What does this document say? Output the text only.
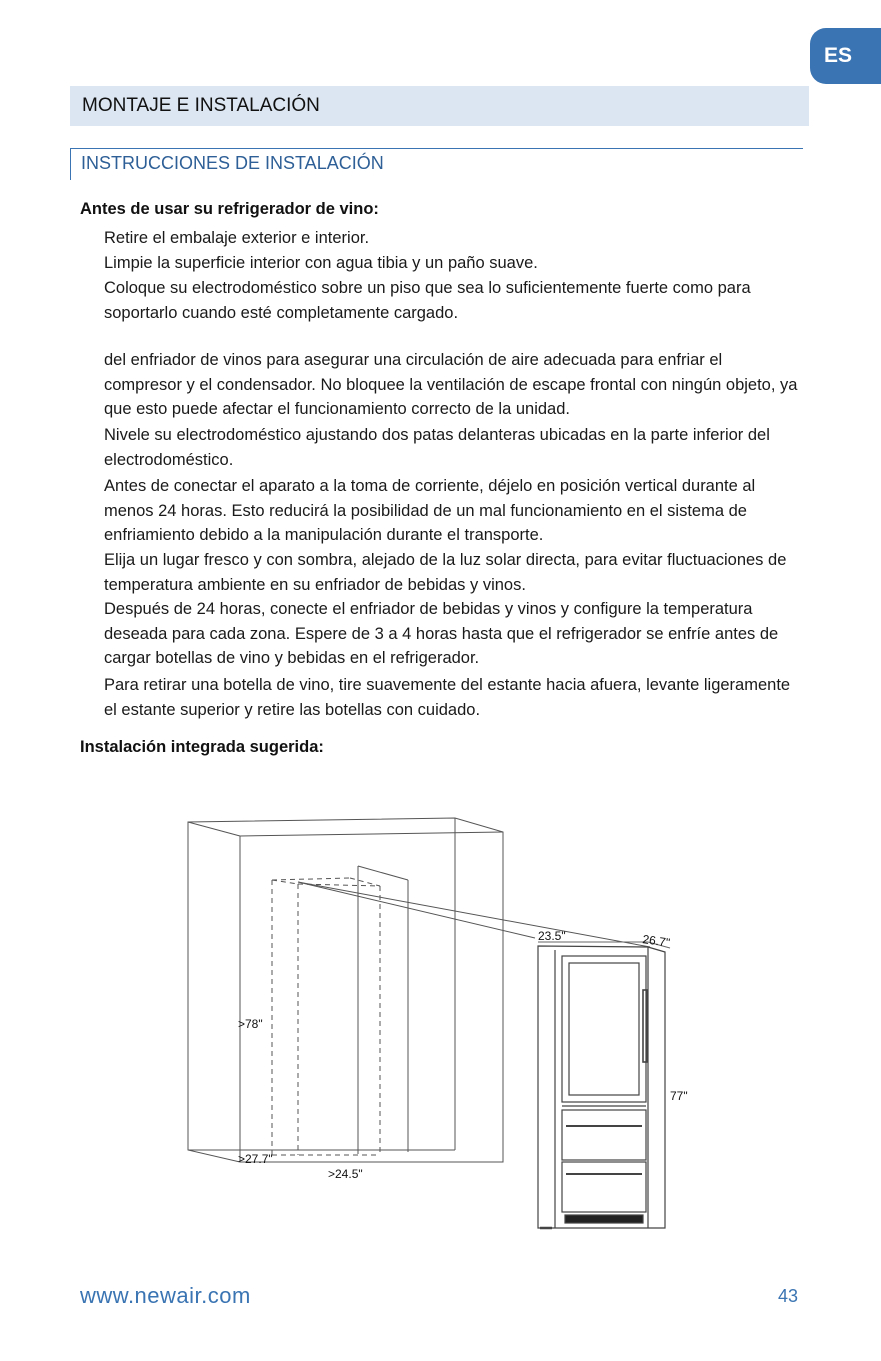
ES
MONTAJE E INSTALACIÓN
INSTRUCCIONES DE INSTALACIÓN
Antes de usar su refrigerador de vino:

Retire el embalaje exterior e interior.

Limpie la superficie interior con agua tibia y un paño suave.

Coloque su electrodoméstico sobre un piso que sea lo suficientemente fuerte como para soportarlo cuando esté completamente cargado.

del enfriador de vinos para asegurar una circulación de aire adecuada para enfriar el compresor y el condensador. No bloquee la ventilación de escape frontal con ningún objeto, ya que esto puede afectar el funcionamiento correcto de la unidad.

Nivele su electrodoméstico ajustando dos patas delanteras ubicadas en la parte inferior del electrodoméstico.

Antes de conectar el aparato a la toma de corriente, déjelo en posición vertical durante al menos 24 horas. Esto reducirá la posibilidad de un mal funcionamiento en el sistema de enfriamiento debido a la manipulación durante el transporte.

Elija un lugar fresco y con sombra, alejado de la luz solar directa, para evitar fluctuaciones de temperatura ambiente en su enfriador de bebidas y vinos.

Después de 24 horas, conecte el enfriador de bebidas y vinos y configure la temperatura deseada para cada zona. Espere de 3 a 4 horas hasta que el refrigerador se enfríe antes de cargar botellas de vino y bebidas en el refrigerador.

Para retirar una botella de vino, tire suavemente del estante hacia afuera, levante ligeramente el estante superior y retire las botellas con cuidado.

Instalación integrada sugerida:
>78"
>27.7"
>24.5"
23.5"	26.7"
77"
www.newair.com	43
